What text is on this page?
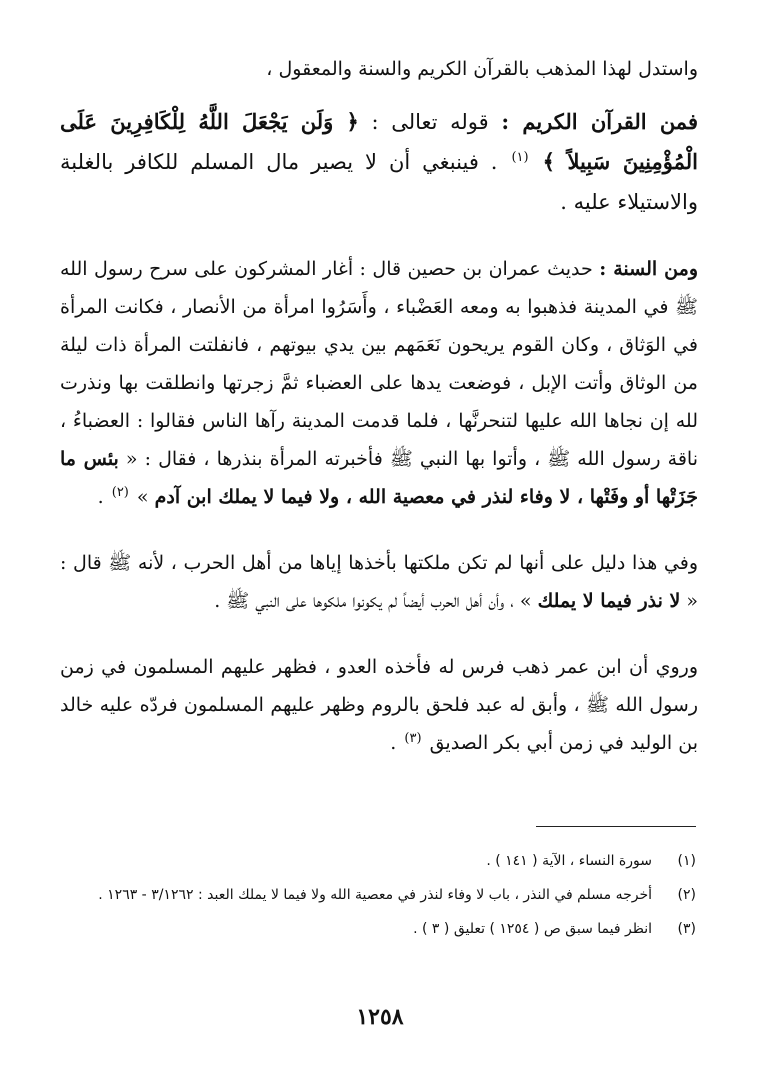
واستدل لهذا المذهب بالقرآن الكريم والسنة والمعقول ،

فمن القرآن الكريم : قوله تعالى : ﴿ وَلَن يَجْعَلَ اللَّهُ لِلْكَافِرِينَ عَلَى الْمُؤْمِنِينَ سَبِيلاً ﴾ $^{(١)}$ . فينبغي أن لا يصير مال المسلم للكافر بالغلبة والاستيلاء عليه .

ومن السنة : حديث عمران بن حصين قال : أغار المشركون على سرح رسول الله ﷺ في المدينة فذهبوا به ومعه العَضْباء ، وأَسَرُوا امرأة من الأنصار ، فكانت المرأة في الوَثاق ، وكان القوم يريحون نَعَمَهم بين يدي بيوتهم ، فانفلتت المرأة ذات ليلة من الوثاق وأتت الإبل ، فوضعت يدها على العضباء ثمَّ زجرتها وانطلقت بها ونذرت لله إن نجاها الله عليها لتنحرنَّها ، فلما قدمت المدينة رآها الناس فقالوا : العضباءُ ، ناقة رسول الله ﷺ ، وأتوا بها النبي ﷺ فأخبرته المرأة بنذرها ، فقال : « بئس ما جَزَتْها أو وفَتْها ، لا وفاء لنذر في معصية الله ، ولا فيما لا يملك ابن آدم » $^{(٢)}$ .

وفي هذا دليل على أنها لم تكن ملكتها بأخذها إياها من أهل الحرب ، لأنه ﷺ قال : « لا نذر فيما لا يملك » ، وأن أهل الحرب أيضاً لم يكونوا ملكوها على النبي ﷺ .

وروي أن ابن عمر ذهب فرس له فأخذه العدو ، فظهر عليهم المسلمون في زمن رسول الله ﷺ ، وأبق له عبد فلحق بالروم وظهر عليهم المسلمون فردّه عليه خالد بن الوليد في زمن أبي بكر الصديق $^{(٣)}$ .

(١)
سورة النساء ، الآية ( ١٤١ ) .
(٢)
أخرجه مسلم في النذر ، باب لا وفاء لنذر في معصية الله ولا فيما لا يملك العبد : ٣/١٢٦٢ - ١٢٦٣ .
(٣)
انظر فيما سبق ص ( ١٢٥٤ ) تعليق ( ٣ ) .
١٢٥٨
